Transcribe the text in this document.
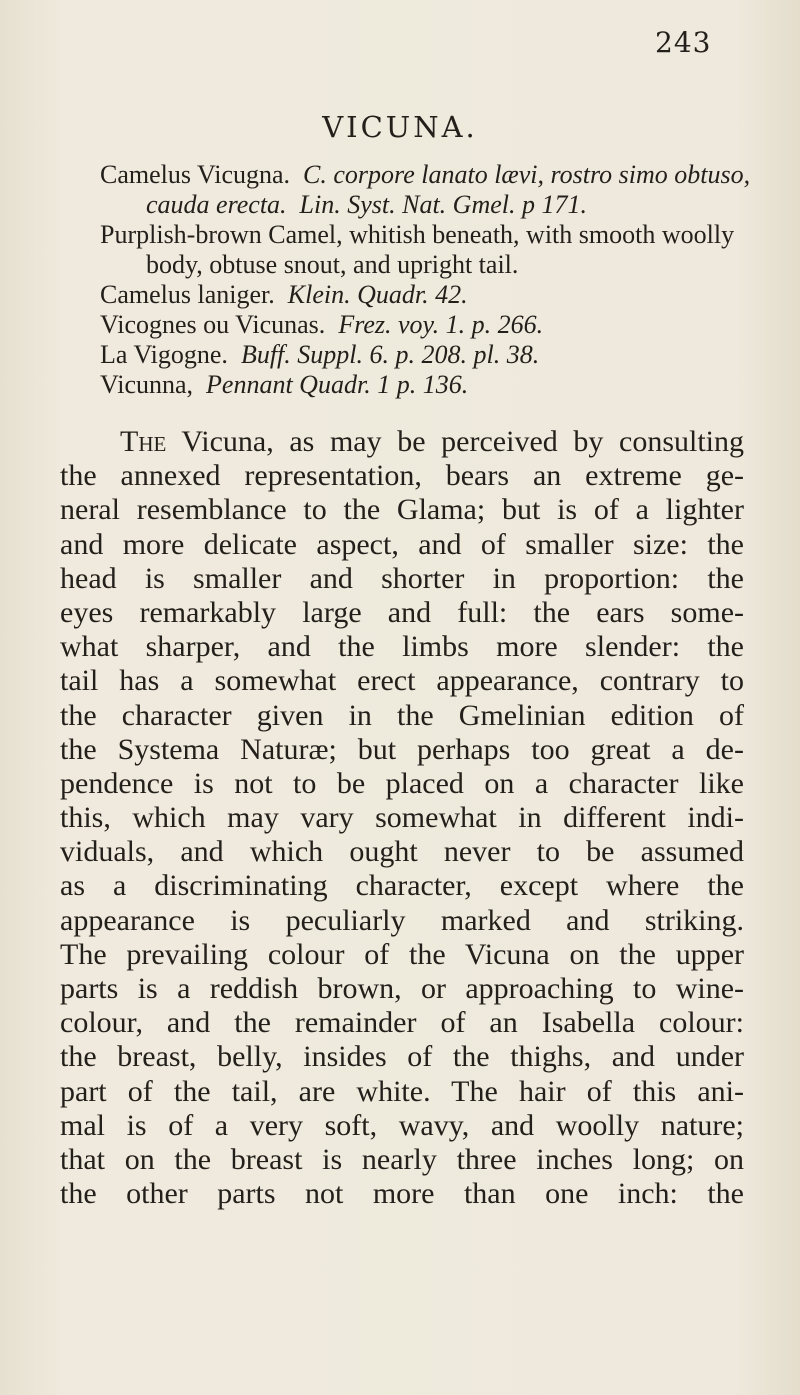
243
VICUNA.
Camelus Vicugna.  C. corpore lanato lævi, rostro simo obtuso,
cauda erecta.  Lin. Syst. Nat. Gmel. p 171.
Purplish-brown Camel, whitish beneath, with smooth woolly
body, obtuse snout, and upright tail.
Camelus laniger.  Klein. Quadr. 42.
Vicognes ou Vicunas.  Frez. voy. 1. p. 266.
La Vigogne.  Buff. Suppl. 6. p. 208. pl. 38.
Vicunna,  Pennant Quadr. 1 p. 136.
The Vicuna, as may be perceived by consulting
the annexed representation, bears an extreme ge-
neral resemblance to the Glama; but is of a lighter
and more delicate aspect, and of smaller size: the
head is smaller and shorter in proportion: the
eyes remarkably large and full: the ears some-
what sharper, and the limbs more slender: the
tail has a somewhat erect appearance, contrary to
the character given in the Gmelinian edition of
the Systema Naturæ; but perhaps too great a de-
pendence is not to be placed on a character like
this, which may vary somewhat in different indi-
viduals, and which ought never to be assumed
as a discriminating character, except where the
appearance is peculiarly marked and striking.
The prevailing colour of the Vicuna on the upper
parts is a reddish brown, or approaching to wine-
colour, and the remainder of an Isabella colour:
the breast, belly, insides of the thighs, and under
part of the tail, are white. The hair of this ani-
mal is of a very soft, wavy, and woolly nature;
that on the breast is nearly three inches long; on
the other parts not more than one inch: the
